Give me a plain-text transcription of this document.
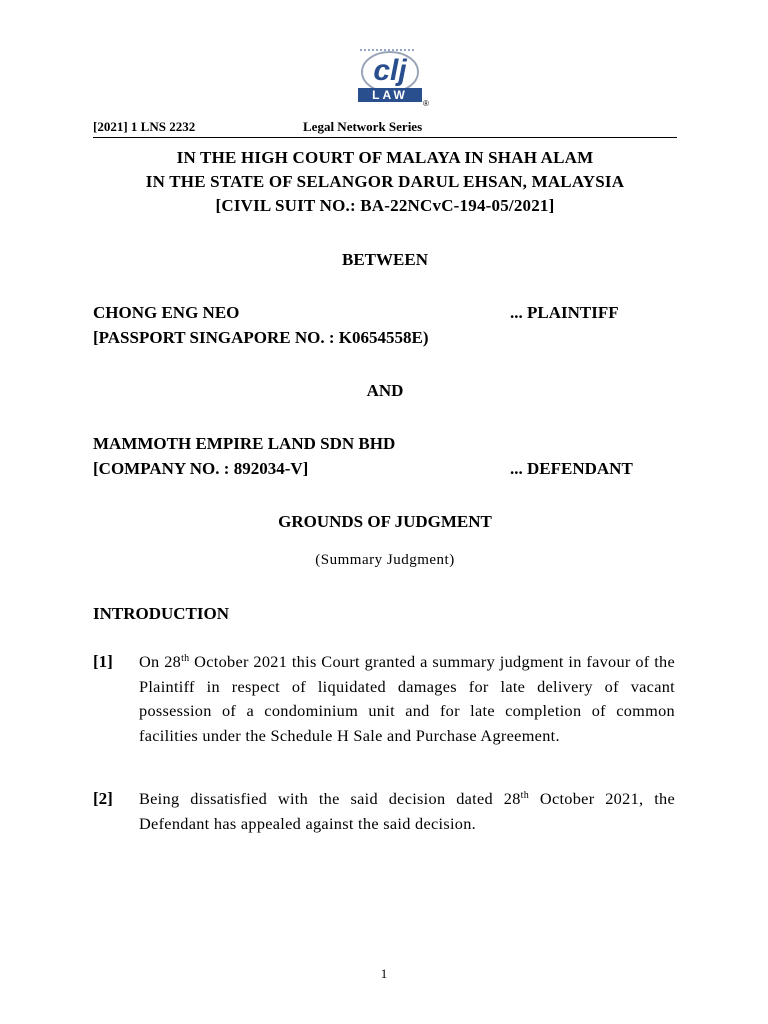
clj
LAW
®
[2021] 1 LNS 2232	Legal Network Series
IN THE HIGH COURT OF MALAYA IN SHAH ALAM
IN THE STATE OF SELANGOR DARUL EHSAN, MALAYSIA
[CIVIL SUIT NO.: BA-22NCvC-194-05/2021]
BETWEEN
CHONG ENG NEO	... PLAINTIFF
[PASSPORT SINGAPORE NO. : K0654558E)
AND
MAMMOTH EMPIRE LAND SDN BHD
[COMPANY NO. : 892034-V]	... DEFENDANT
GROUNDS OF JUDGMENT
(Summary Judgment)
INTRODUCTION
[1] On 28th October 2021 this Court granted a summary judgment in favour of the Plaintiff in respect of liquidated damages for late delivery of vacant possession of a condominium unit and for late completion of common facilities under the Schedule H Sale and Purchase Agreement.
[2] Being dissatisfied with the said decision dated 28th October 2021, the Defendant has appealed against the said decision.
1
